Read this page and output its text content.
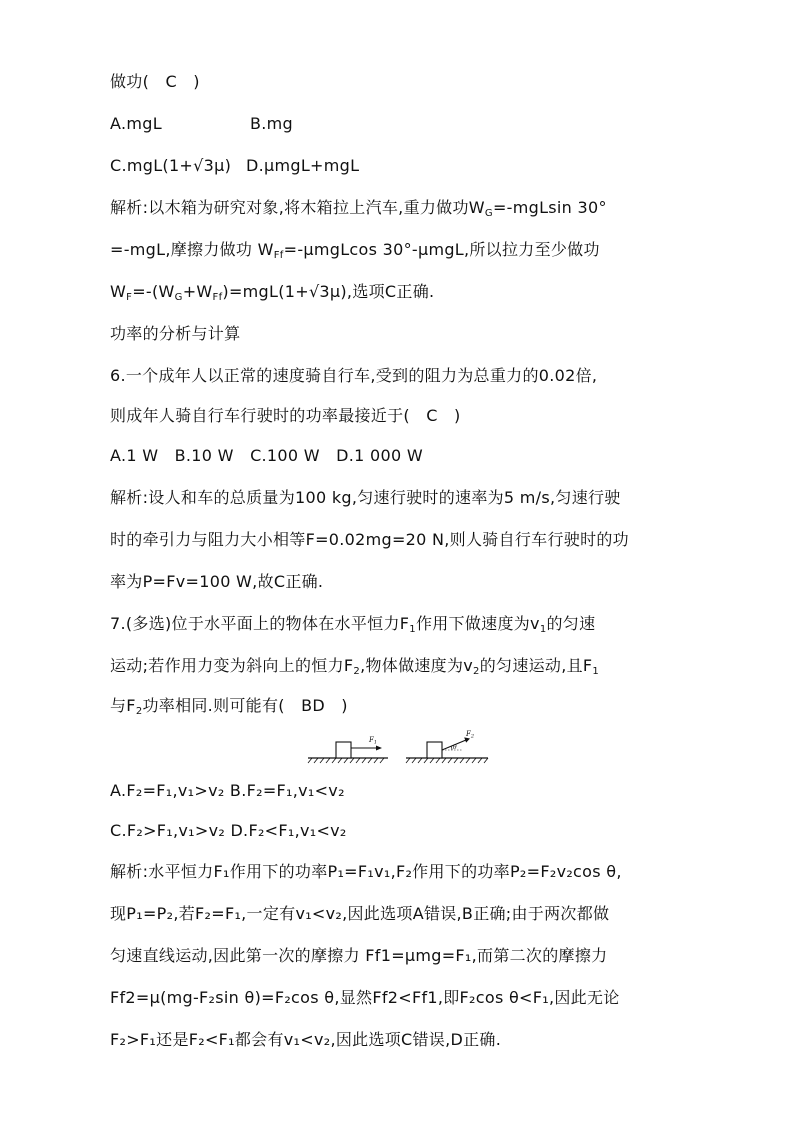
做功(　C　)
A.mgL	B.mg
C.mgL(1+√3μ) D.μmgL+mgL
解析:以木箱为研究对象,将木箱拉上汽车,重力做功$W_G=$-mgLsin 30°
=-mgL,摩擦力做功 $W_{Ff}=$-μmgLcos 30°-μmgL,所以拉力至少做功
$W_F=-(W_G+W_{Ff})=mgL(1+√3\mu)$,选项C正确.
功率的分析与计算
6.一个成年人以正常的速度骑自行车,受到的阻力为总重力的0.02倍,
则成年人骑自行车行驶时的功率最接近于(　C　)
A.1 W　B.10 W　C.100 W　D.1 000 W
解析:设人和车的总质量为100 kg,匀速行驶时的速率为5 m/s,匀速行驶
时的牵引力与阻力大小相等F=0.02mg=20 N,则人骑自行车行驶时的功
率为P=Fv=100 W,故C正确.
7.(多选)位于水平面上的物体在水平恒力$F_1$作用下做速度为$v_1$的匀速
运动;若作用力变为斜向上的恒力$F_2$,物体做速度为$v_2$的匀速运动,且$F_1$
与$F_2$功率相同.则可能有(　BD　)
$F_1$
θ
$F_2$
A.F₂=F₁,v₁>v₂ B.F₂=F₁,v₁<v₂
C.F₂>F₁,v₁>v₂ D.F₂<F₁,v₁<v₂
解析:水平恒力F₁作用下的功率P₁=F₁v₁,F₂作用下的功率P₂=F₂v₂cos θ,
现P₁=P₂,若F₂=F₁,一定有v₁<v₂,因此选项A错误,B正确;由于两次都做
匀速直线运动,因此第一次的摩擦力 Ff1=μmg=F₁,而第二次的摩擦力
Ff2=μ(mg-F₂sin θ)=F₂cos θ,显然Ff2<Ff1,即F₂cos θ<F₁,因此无论
F₂>F₁还是F₂<F₁都会有v₁<v₂,因此选项C错误,D正确.
